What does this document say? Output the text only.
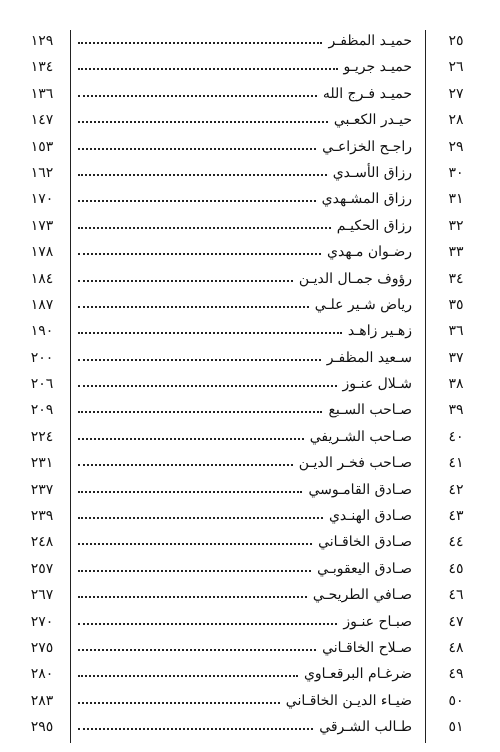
٢٥
حميـد المظفـر
١٢٩
٢٦
حميـد جريـو
١٣٤
٢٧
حميـد فـرج الله
١٣٦
٢٨
حيـدر الكعـبي
١٤٧
٢٩
راجـح الخزاعـي
١٥٣
٣٠
رزاق الأسـدي
١٦٢
٣١
رزاق المشـهدي
١٧٠
٣٢
رزاق الحكيـم
١٧٣
٣٣
رضـوان مـهدي
١٧٨
٣٤
رؤوف جمـال الديـن
١٨٤
٣٥
رياض شـير علـي
١٨٧
٣٦
زهـير زاهـد
١٩٠
٣٧
سـعيد المظفـر
٢٠٠
٣٨
شـلال عنـوز
٢٠٦
٣٩
صـاحب السـبع
٢٠٩
٤٠
صـاحب الشـريفي
٢٢٤
٤١
صـاحب فخـر الديـن
٢٣١
٤٢
صـادق القامـوسي
٢٣٧
٤٣
صـادق الهنـدي
٢٣٩
٤٤
صـادق الخاقـاني
٢٤٨
٤٥
صـادق اليعقوبـي
٢٥٧
٤٦
صـافي الطريحـي
٢٦٧
٤٧
صبـاح عنـوز
٢٧٠
٤٨
صـلاح الخاقـاني
٢٧٥
٤٩
ضرغـام البرقعـاوي
٢٨٠
٥٠
ضيـاء الديـن الخاقـاني
٢٨٣
٥١
طـالب الشـرقي
٢٩٥
